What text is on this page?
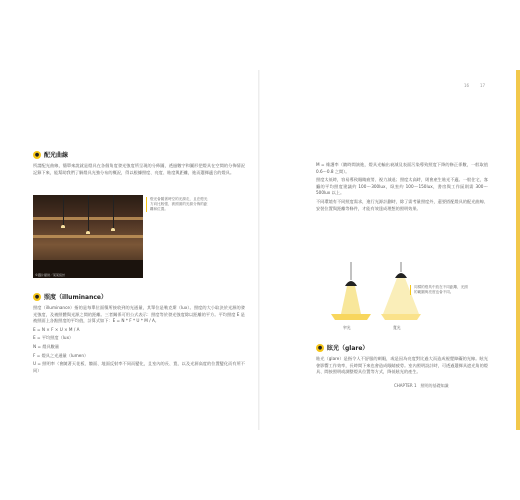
16	17
● 配光曲線

所謂配光曲線，簡單來說就是燈具在各個角度發光強度所呈現的分佈圖，透過數字和圖形把燈具在空間的分佈情況記錄下來，能幫助我們了解燈具光強分布的概況，得以根據照度、亮度、眩度與距離，進而選擇適合的燈具。

©圖片提供／某某設計
燈光會隨著時空的光源走，且在燈光方向比較強，被照面的光源分佈的距離和位置。
● 照度（illuminance）

照度（illuminance）指的是每單位面積所接收到的光通量，其單位是勒克斯（lux）。照度的大小取決於光源的發光強度，及被照體與光源之間的距離。三者關係可用公式表示：照度等於發光強度除以距離的平方。平均照度 E 是被照面上各點照度的平均值，計算式如下：E = N * F * U * M / A。

E = N × F × U × M / A

E = 平均照度（lux）

N = 燈具數量

F = 燈具之光通量（lumen）

U = 照明率（會隨著天花板、牆面、地面反射率不同而變化，且室內的長、寬、以及光源高度的位置變化而有所不同）

M = 維護率（隨時間演進，燈具光輸出衰減及表面污染導致照度下降的修正係數，一般取值 0.6～0.8 之間）。

照度太低時，容易導致眼睛疲勞、視力減退；照度太高時，則會產生眩光不適。一般住宅，客廳的平均照度建議約 100～300lux，臥室約 100～150lux，書房與工作區則需 300～500lux 以上。

不同環境有不同照度需求，進行光源計劃時，除了需考量照度外，還要搭配燈具的配光曲線、安裝位置與距離等條件，才能有效達成理想的照明效果。

窄光	寬光
同樣的燈具中放在不同距離，光照的範圍與亮度也會不同。
● 眩光（glare）

眩光（glare）是指令人不舒服的刺眼，或是因為亮度對比過大而造成視覺障礙的光線。眩光會影響工作效率，長時間下來也會造成眼睛疲勞。室內照明設計時，可透過選擇具遮光角的燈具、間接照明或調整燈具位置等方式，降低眩光的產生。

CHAPTER 1　照明的基礎知識
